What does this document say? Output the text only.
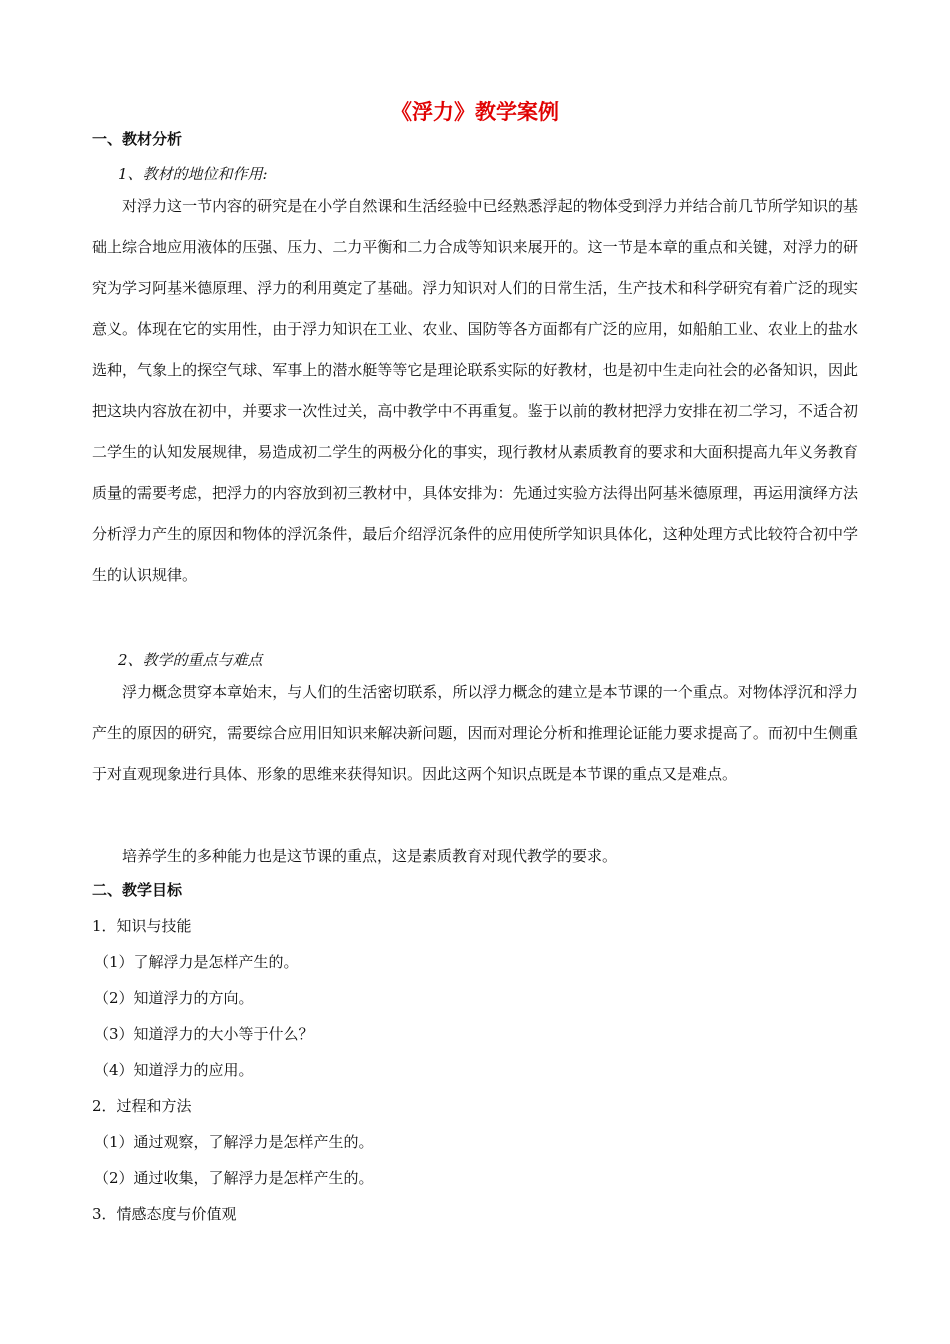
《浮力》教学案例
一、教材分析
1、教材的地位和作用:
对浮力这一节内容的研究是在小学自然课和生活经验中已经熟悉浮起的物体受到浮力并结合前几节所学知识的基础上综合地应用液体的压强、压力、二力平衡和二力合成等知识来展开的。这一节是本章的重点和关键，对浮力的研究为学习阿基米德原理、浮力的利用奠定了基础。浮力知识对人们的日常生活，生产技术和科学研究有着广泛的现实意义。体现在它的实用性，由于浮力知识在工业、农业、国防等各方面都有广泛的应用，如船舶工业、农业上的盐水选种，气象上的探空气球、军事上的潜水艇等等它是理论联系实际的好教材，也是初中生走向社会的必备知识，因此把这块内容放在初中，并要求一次性过关，高中教学中不再重复。鉴于以前的教材把浮力安排在初二学习，不适合初二学生的认知发展规律，易造成初二学生的两极分化的事实，现行教材从素质教育的要求和大面积提高九年义务教育质量的需要考虑，把浮力的内容放到初三教材中，具体安排为：先通过实验方法得出阿基米德原理，再运用演绎方法分析浮力产生的原因和物体的浮沉条件，最后介绍浮沉条件的应用使所学知识具体化，这种处理方式比较符合初中学生的认识规律。
2、教学的重点与难点
浮力概念贯穿本章始末，与人们的生活密切联系，所以浮力概念的建立是本节课的一个重点。对物体浮沉和浮力产生的原因的研究，需要综合应用旧知识来解决新问题，因而对理论分析和推理论证能力要求提高了。而初中生侧重于对直观现象进行具体、形象的思维来获得知识。因此这两个知识点既是本节课的重点又是难点。
培养学生的多种能力也是这节课的重点，这是素质教育对现代教学的要求。
二、教学目标
1．知识与技能
（1）了解浮力是怎样产生的。
（2）知道浮力的方向。
（3）知道浮力的大小等于什么？
（4）知道浮力的应用。
2．过程和方法
（1）通过观察，了解浮力是怎样产生的。
（2）通过收集，了解浮力是怎样产生的。
3．情感态度与价值观
